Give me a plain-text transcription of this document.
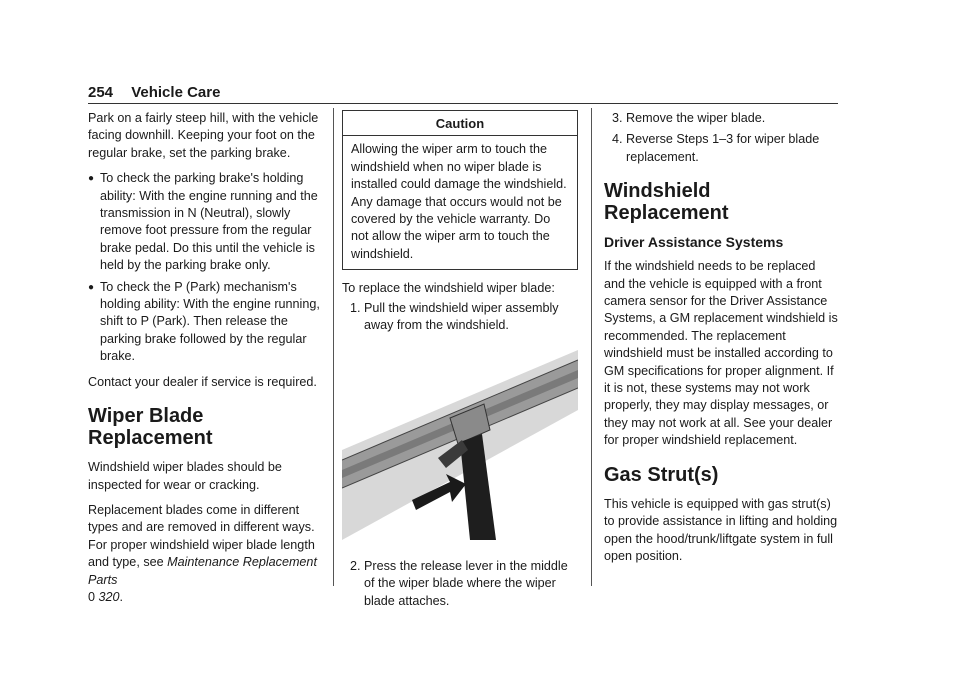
254 Vehicle Care

Park on a fairly steep hill, with the vehicle facing downhill. Keeping your foot on the regular brake, set the parking brake.

● To check the parking brake's holding ability: With the engine running and the transmission in N (Neutral), slowly remove foot pressure from the regular brake pedal. Do this until the vehicle is held by the parking brake only.
● To check the P (Park) mechanism's holding ability: With the engine running, shift to P (Park). Then release the parking brake followed by the regular brake.

Contact your dealer if service is required.

Wiper Blade Replacement

Windshield wiper blades should be inspected for wear or cracking.

Replacement blades come in different types and are removed in different ways. For proper windshield wiper blade length and type, see Maintenance Replacement Parts
0 320.

Caution
Allowing the wiper arm to touch the windshield when no wiper blade is installed could damage the windshield. Any damage that occurs would not be covered by the vehicle warranty. Do not allow the wiper arm to touch the windshield.

To replace the windshield wiper blade:

1. Pull the windshield wiper assembly away from the windshield.
2. Press the release lever in the middle of the wiper blade where the wiper blade attaches.
3. Remove the wiper blade.
4. Reverse Steps 1–3 for wiper blade replacement.
Windshield Replacement
Driver Assistance Systems

If the windshield needs to be replaced and the vehicle is equipped with a front camera sensor for the Driver Assistance Systems, a GM replacement windshield is recommended. The replacement windshield must be installed according to GM specifications for proper alignment. If it is not, these systems may not work properly, they may display messages, or they may not work at all. See your dealer for proper windshield replacement.

Gas Strut(s)

This vehicle is equipped with gas strut(s) to provide assistance in lifting and holding open the hood/trunk/liftgate system in full open position.
